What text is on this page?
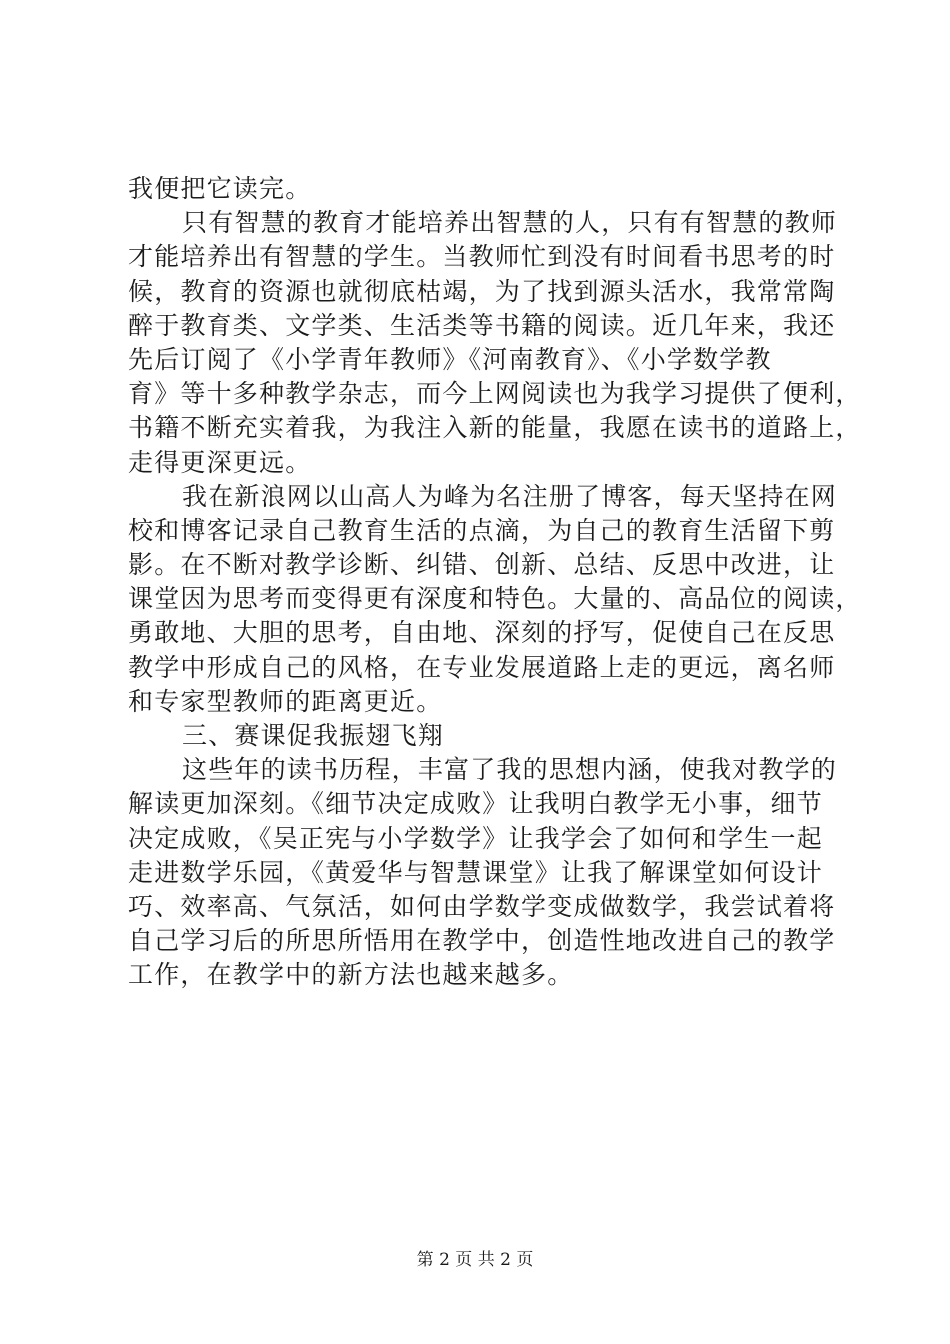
我便把它读完。
只有智慧的教育才能培养出智慧的人，只有有智慧的教师
才能培养出有智慧的学生。当教师忙到没有时间看书思考的时
候，教育的资源也就彻底枯竭，为了找到源头活水，我常常陶
醉于教育类、文学类、生活类等书籍的阅读。近几年来，我还
先后订阅了《小学青年教师》《河南教育》、《小学数学教
育》等十多种教学杂志，而今上网阅读也为我学习提供了便利，
书籍不断充实着我，为我注入新的能量，我愿在读书的道路上，
走得更深更远。
我在新浪网以山高人为峰为名注册了博客，每天坚持在网
校和博客记录自己教育生活的点滴，为自己的教育生活留下剪
影。在不断对教学诊断、纠错、创新、总结、反思中改进，让
课堂因为思考而变得更有深度和特色。大量的、高品位的阅读，
勇敢地、大胆的思考，自由地、深刻的抒写，促使自己在反思
教学中形成自己的风格，在专业发展道路上走的更远，离名师
和专家型教师的距离更近。
三、赛课促我振翅飞翔
这些年的读书历程，丰富了我的思想内涵，使我对教学的
解读更加深刻。《细节决定成败》让我明白教学无小事，细节
决定成败，《吴正宪与小学数学》让我学会了如何和学生一起
走进数学乐园，《黄爱华与智慧课堂》让我了解课堂如何设计
巧、效率高、气氛活，如何由学数学变成做数学，我尝试着将
自己学习后的所思所悟用在教学中，创造性地改进自己的教学
工作，在教学中的新方法也越来越多。
第 2 页 共 2 页
